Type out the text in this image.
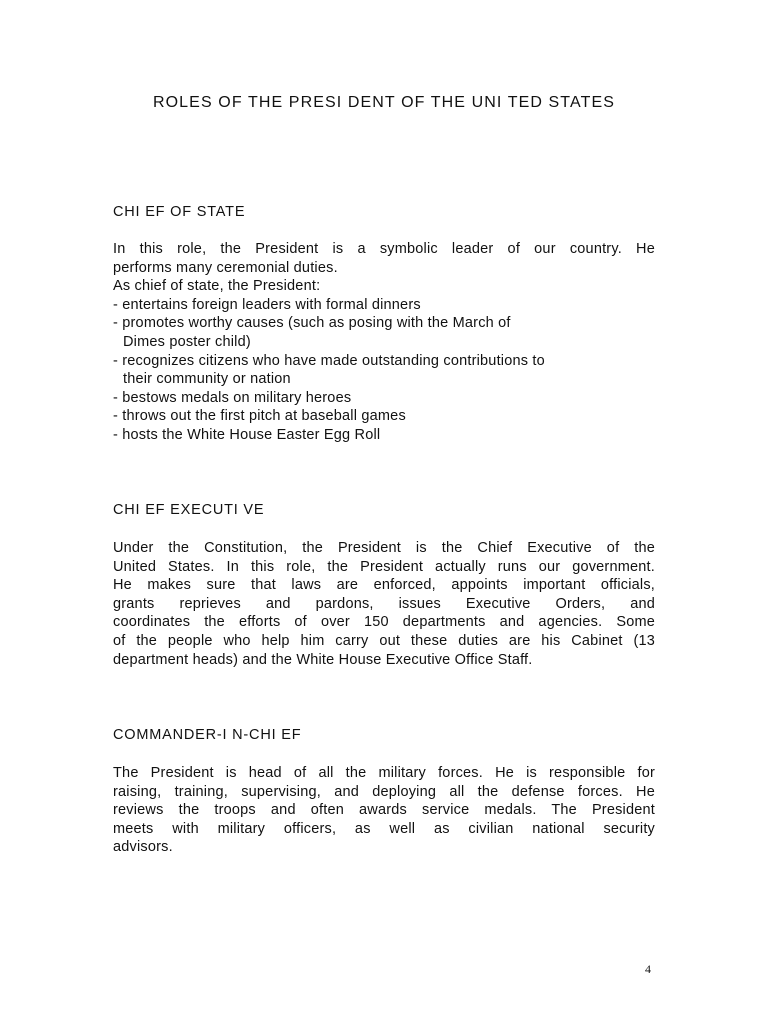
ROLES OF THE PRESI DENT OF THE UNI TED STATES
CHI EF OF STATE
In this role, the President is a symbolic leader of our country. He
performs many ceremonial duties.
As chief of state, the President:
- entertains foreign leaders with formal dinners
- promotes worthy causes (such as posing with the March of
Dimes poster child)
- recognizes citizens who have made outstanding contributions to
their community or nation
- bestows medals on military heroes
- throws out the first pitch at baseball games
- hosts the White House Easter Egg Roll
CHI EF EXECUTI VE
Under the Constitution, the President is the Chief Executive of the
United States. In this role, the President actually runs our government.
He makes sure that laws are enforced, appoints important officials,
grants reprieves and pardons, issues Executive Orders, and
coordinates the efforts of over 150 departments and agencies. Some
of the people who help him carry out these duties are his Cabinet (13
department heads) and the White House Executive Office Staff.
COMMANDER-I N-CHI EF
The President is head of all the military forces. He is responsible for
raising, training, supervising, and deploying all the defense forces. He
reviews the troops and often awards service medals. The President
meets with military officers, as well as civilian national security
advisors.
4
